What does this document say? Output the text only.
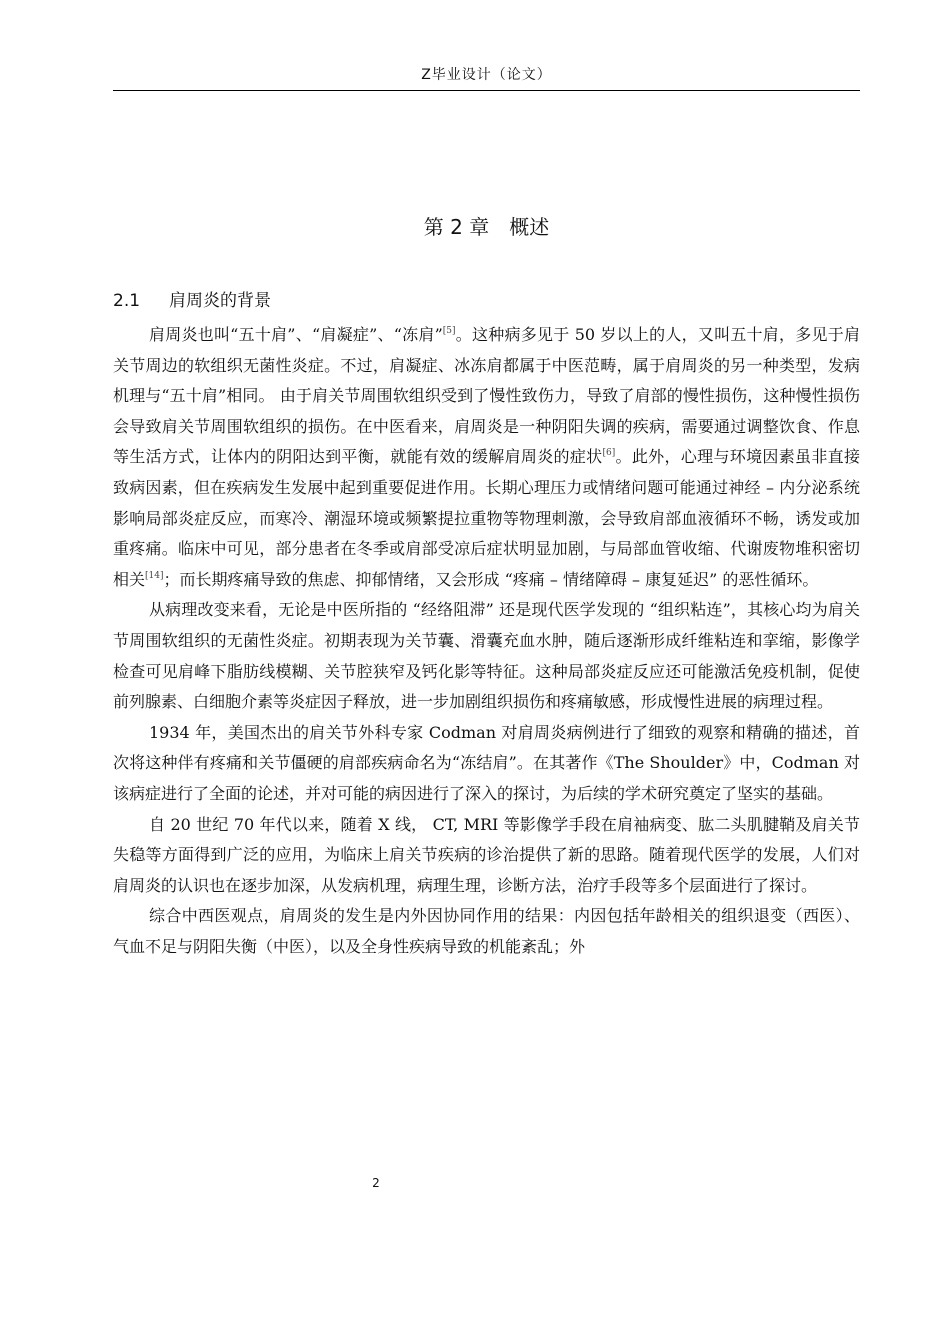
Z毕业设计（论文）
第 2 章　概述
2.1 肩周炎的背景

肩周炎也叫“五十肩”、“肩凝症”、“冻肩”[5]。这种病多见于 50 岁以上的人，又叫五十肩，多见于肩关节周边的软组织无菌性炎症。不过，肩凝症、冰冻肩都属于中医范畴，属于肩周炎的另一种类型，发病机理与“五十肩”相同。 由于肩关节周围软组织受到了慢性致伤力，导致了肩部的慢性损伤，这种慢性损伤会导致肩关节周围软组织的损伤。在中医看来，肩周炎是一种阴阳失调的疾病，需要通过调整饮食、作息等生活方式，让体内的阴阳达到平衡，就能有效的缓解肩周炎的症状[6]。此外，心理与环境因素虽非直接致病因素，但在疾病发生发展中起到重要促进作用。长期心理压力或情绪问题可能通过神经 – 内分泌系统影响局部炎症反应，而寒冷、潮湿环境或频繁提拉重物等物理刺激，会导致肩部血液循环不畅，诱发或加重疼痛。临床中可见，部分患者在冬季或肩部受凉后症状明显加剧，与局部血管收缩、代谢废物堆积密切相关[14]；而长期疼痛导致的焦虑、抑郁情绪，又会形成 “疼痛 – 情绪障碍 – 康复延迟” 的恶性循环。

从病理改变来看，无论是中医所指的 “经络阻滞” 还是现代医学发现的 “组织粘连”，其核心均为肩关节周围软组织的无菌性炎症。初期表现为关节囊、滑囊充血水肿，随后逐渐形成纤维粘连和挛缩，影像学检查可见肩峰下脂肪线模糊、关节腔狭窄及钙化影等特征。这种局部炎症反应还可能激活免疫机制，促使前列腺素、白细胞介素等炎症因子释放，进一步加剧组织损伤和疼痛敏感，形成慢性进展的病理过程。

1934 年，美国杰出的肩关节外科专家 Codman 对肩周炎病例进行了细致的观察和精确的描述，首次将这种伴有疼痛和关节僵硬的肩部疾病命名为“冻结肩”。在其著作《The Shoulder》中，Codman 对该病症进行了全面的论述，并对可能的病因进行了深入的探讨，为后续的学术研究奠定了坚实的基础。

自 20 世纪 70 年代以来，随着 X 线， CT, MRI 等影像学手段在肩袖病变、肱二头肌腱鞘及肩关节失稳等方面得到广泛的应用，为临床上肩关节疾病的诊治提供了新的思路。随着现代医学的发展，人们对肩周炎的认识也在逐步加深，从发病机理，病理生理，诊断方法，治疗手段等多个层面进行了探讨。

综合中西医观点，肩周炎的发生是内外因协同作用的结果：内因包括年龄相关的组织退变（西医）、气血不足与阴阳失衡（中医），以及全身性疾病导致的机能紊乱；外

2
